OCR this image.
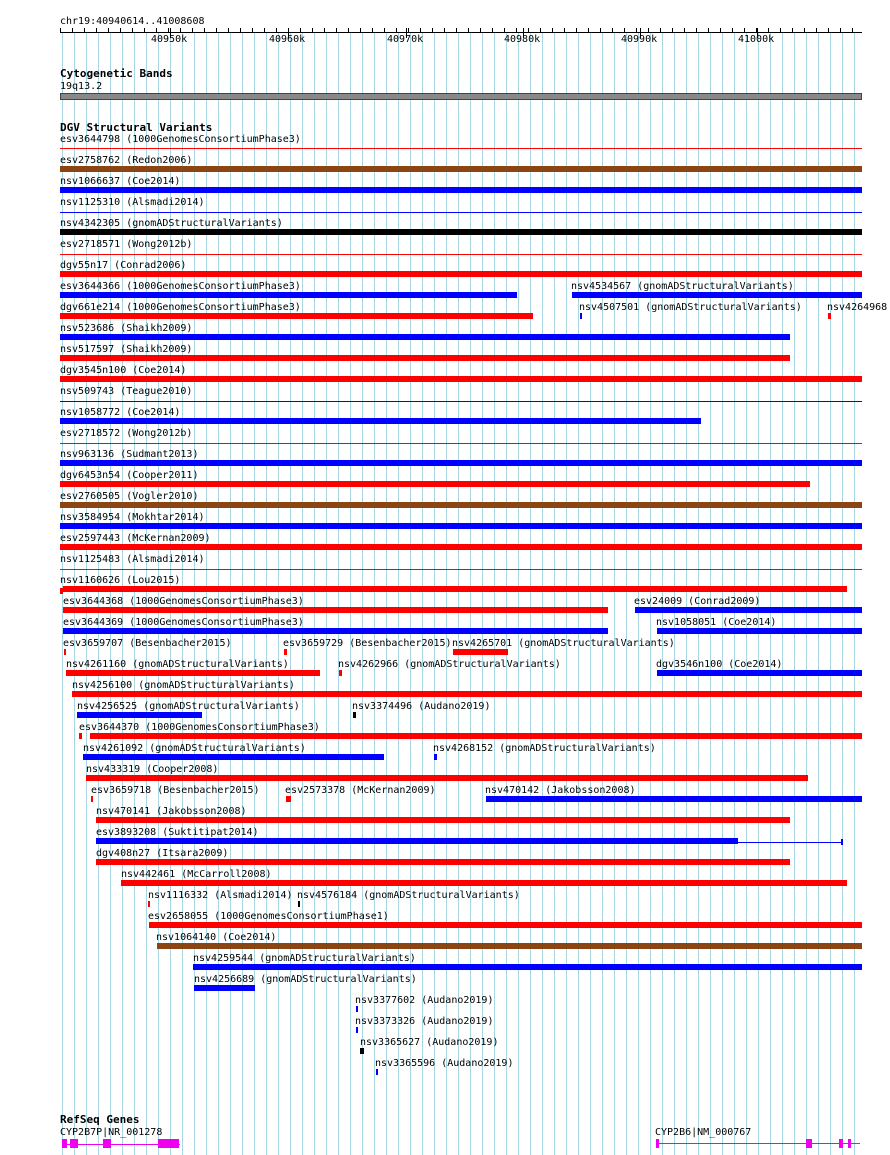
chr19:40940614..41008608
40950k	40960k	40970k	40980k	40990k	41000k
Cytogenetic Bands
19q13.2
DGV Structural Variants
esv3644798 (1000GenomesConsortiumPhase3)
esv2758762 (Redon2006)
nsv1066637 (Coe2014)
nsv1125310 (Alsmadi2014)
nsv4342305 (gnomADStructuralVariants)
esv2718571 (Wong2012b)
dgv55n17 (Conrad2006)
esv3644366 (1000GenomesConsortiumPhase3)	nsv4534567 (gnomADStructuralVariants)
dgv661e214 (1000GenomesConsortiumPhase3)	nsv4507501 (gnomADStructuralVariants)	nsv4264968
nsv523686 (Shaikh2009)
nsv517597 (Shaikh2009)
dgv3545n100 (Coe2014)
nsv509743 (Teague2010)
nsv1058772 (Coe2014)
esv2718572 (Wong2012b)
nsv963136 (Sudmant2013)
dgv6453n54 (Cooper2011)
esv2760505 (Vogler2010)
nsv3584954 (Mokhtar2014)
esv2597443 (McKernan2009)
nsv1125483 (Alsmadi2014)
nsv1160626 (Lou2015)
esv3644368 (1000GenomesConsortiumPhase3)	esv24009 (Conrad2009)
esv3644369 (1000GenomesConsortiumPhase3)	nsv1058051 (Coe2014)
esv3659707 (Besenbacher2015)	esv3659729 (Besenbacher2015) nsv4265701 (gnomADStructuralVariants)
nsv4261160 (gnomADStructuralVariants)	nsv4262966 (gnomADStructuralVariants)	dgv3546n100 (Coe2014)
nsv4256100 (gnomADStructuralVariants)
nsv4256525 (gnomADStructuralVariants)	nsv3374496 (Audano2019)
esv3644370 (1000GenomesConsortiumPhase3)
nsv4261092 (gnomADStructuralVariants)	nsv4268152 (gnomADStructuralVariants)
nsv433319 (Cooper2008)
esv3659718 (Besenbacher2015)	esv2573378 (McKernan2009)	nsv470142 (Jakobsson2008)
nsv470141 (Jakobsson2008)
esv3893208 (Suktitipat2014)
dgv408n27 (Itsara2009)
nsv442461 (McCarroll2008)
nsv1116332 (Alsmadi2014) nsv4576184 (gnomADStructuralVariants)
esv2658055 (1000GenomesConsortiumPhase1)
nsv1064140 (Coe2014)
nsv4259544 (gnomADStructuralVariants)
nsv4256689 (gnomADStructuralVariants)
nsv3377602 (Audano2019)
nsv3373326 (Audano2019)
nsv3365627 (Audano2019)
nsv3365596 (Audano2019)
RefSeq Genes
CYP2B7P|NR_001278	CYP2B6|NM_000767
